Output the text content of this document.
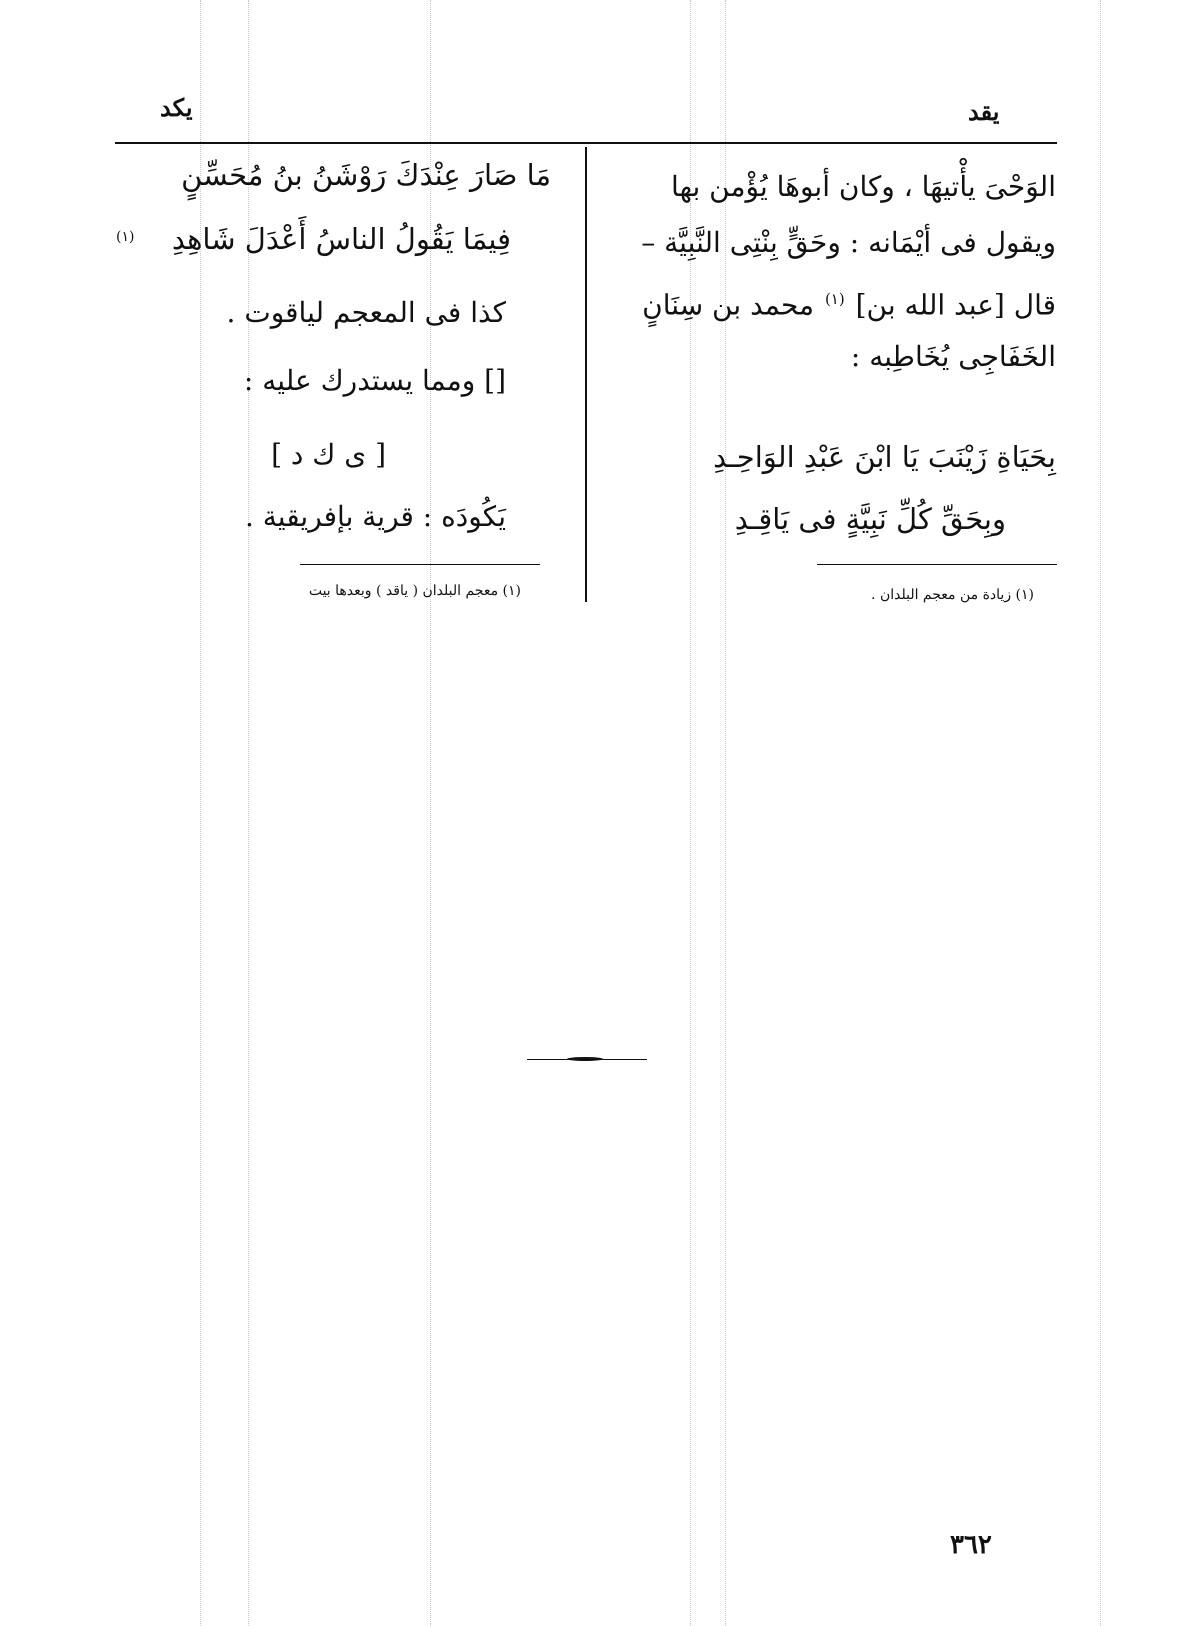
يكد	يقد
الوَحْىَ يأْتيهَا ، وكان أبوهَا يُؤْمن بها
ويقول فى أيْمَانه : وحَقٍّ بِنْتِى النَّبِيَّة –
قال [عبد الله بن] $^{(١)}$ محمد بن سِنَانٍ
الخَفَاجِى يُخَاطِبه :
بِحَيَاةِ زَيْنَبَ يَا ابْنَ عَبْدِ الوَاحِـدِ
وبِحَقِّ كُلِّ نَبِيَّةٍ فى يَاقِـدِ
(١) زيادة من معجم البلدان .
مَا صَارَ عِنْدَكَ رَوْشَنُ بنُ مُحَسِّنٍ
فِيمَا يَقُولُ الناسُ أَعْدَلَ شَاهِدِ
(١)
كذا فى المعجم لياقوت .
[] ومما يستدرك عليه :
[ ى ك د ]
يَكُودَه : قرية بإفريقية .
(١) معجم البلدان ( ياقد ) وبعدها بيت
٣٦٢
